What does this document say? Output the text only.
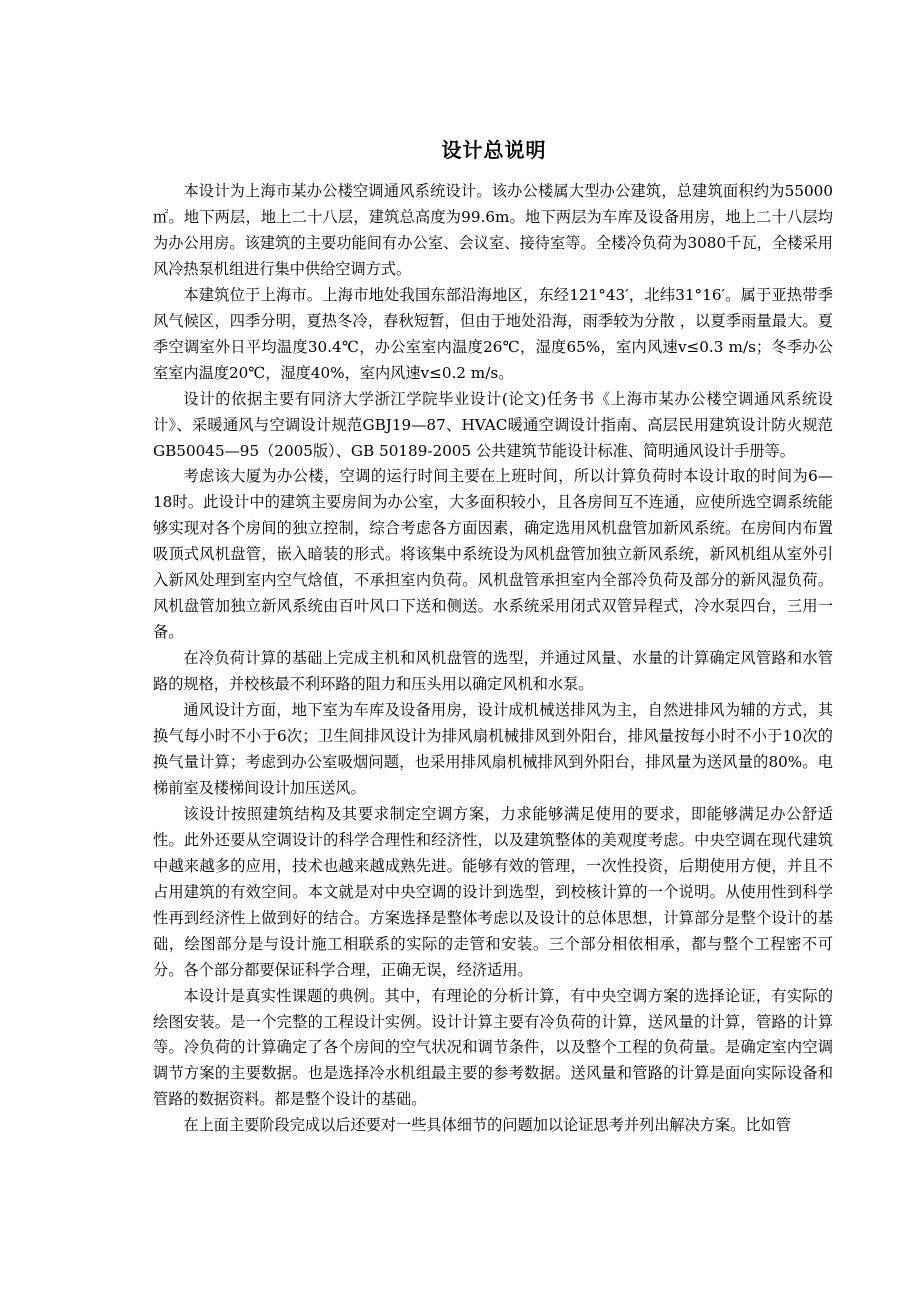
设计总说明

本设计为上海市某办公楼空调通风系统设计。该办公楼属大型办公建筑，总建筑面积约为55000㎡。地下两层，地上二十八层，建筑总高度为99.6m。地下两层为车库及设备用房，地上二十八层均为办公用房。该建筑的主要功能间有办公室、会议室、接待室等。全楼冷负荷为3080千瓦，全楼采用风冷热泵机组进行集中供给空调方式。

本建筑位于上海市。上海市地处我国东部沿海地区，东经121°43′，北纬31°16′。属于亚热带季风气候区，四季分明，夏热冬冷，春秋短暂，但由于地处沿海，雨季较为分散 ，以夏季雨量最大。夏季空调室外日平均温度30.4℃，办公室室内温度26℃，湿度65%，室内风速v≤0.3 m/s；冬季办公室室内温度20℃，湿度40%，室内风速v≤0.2 m/s。

设计的依据主要有同济大学浙江学院毕业设计(论文)任务书《上海市某办公楼空调通风系统设计》、采暖通风与空调设计规范GBJ19—87、HVAC暖通空调设计指南、高层民用建筑设计防火规范GB50045—95（2005版）、GB 50189-2005 公共建筑节能设计标准、简明通风设计手册等。

考虑该大厦为办公楼，空调的运行时间主要在上班时间，所以计算负荷时本设计取的时间为6—18时。此设计中的建筑主要房间为办公室，大多面积较小，且各房间互不连通，应使所选空调系统能够实现对各个房间的独立控制，综合考虑各方面因素，确定选用风机盘管加新风系统。在房间内布置吸顶式风机盘管，嵌入暗装的形式。将该集中系统设为风机盘管加独立新风系统，新风机组从室外引入新风处理到室内空气焓值，不承担室内负荷。风机盘管承担室内全部冷负荷及部分的新风湿负荷。风机盘管加独立新风系统由百叶风口下送和侧送。水系统采用闭式双管异程式，冷水泵四台，三用一备。

在冷负荷计算的基础上完成主机和风机盘管的选型，并通过风量、水量的计算确定风管路和水管路的规格，并校核最不利环路的阻力和压头用以确定风机和水泵。

通风设计方面，地下室为车库及设备用房，设计成机械送排风为主，自然进排风为辅的方式，其换气每小时不小于6次；卫生间排风设计为排风扇机械排风到外阳台，排风量按每小时不小于10次的换气量计算；考虑到办公室吸烟问题，也采用排风扇机械排风到外阳台，排风量为送风量的80%。电梯前室及楼梯间设计加压送风。

该设计按照建筑结构及其要求制定空调方案，力求能够满足使用的要求，即能够满足办公舒适性。此外还要从空调设计的科学合理性和经济性，以及建筑整体的美观度考虑。中央空调在现代建筑中越来越多的应用，技术也越来越成熟先进。能够有效的管理，一次性投资，后期使用方便，并且不占用建筑的有效空间。本文就是对中央空调的设计到选型，到校核计算的一个说明。从使用性到科学性再到经济性上做到好的结合。方案选择是整体考虑以及设计的总体思想，计算部分是整个设计的基础，绘图部分是与设计施工相联系的实际的走管和安装。三个部分相依相承，都与整个工程密不可分。各个部分都要保证科学合理，正确无误，经济适用。

本设计是真实性课题的典例。其中，有理论的分析计算，有中央空调方案的选择论证，有实际的绘图安装。是一个完整的工程设计实例。设计计算主要有冷负荷的计算，送风量的计算，管路的计算等。冷负荷的计算确定了各个房间的空气状况和调节条件，以及整个工程的负荷量。是确定室内空调调节方案的主要数据。也是选择冷水机组最主要的参考数据。送风量和管路的计算是面向实际设备和管路的数据资料。都是整个设计的基础。

在上面主要阶段完成以后还要对一些具体细节的问题加以论证思考并列出解决方案。比如管
